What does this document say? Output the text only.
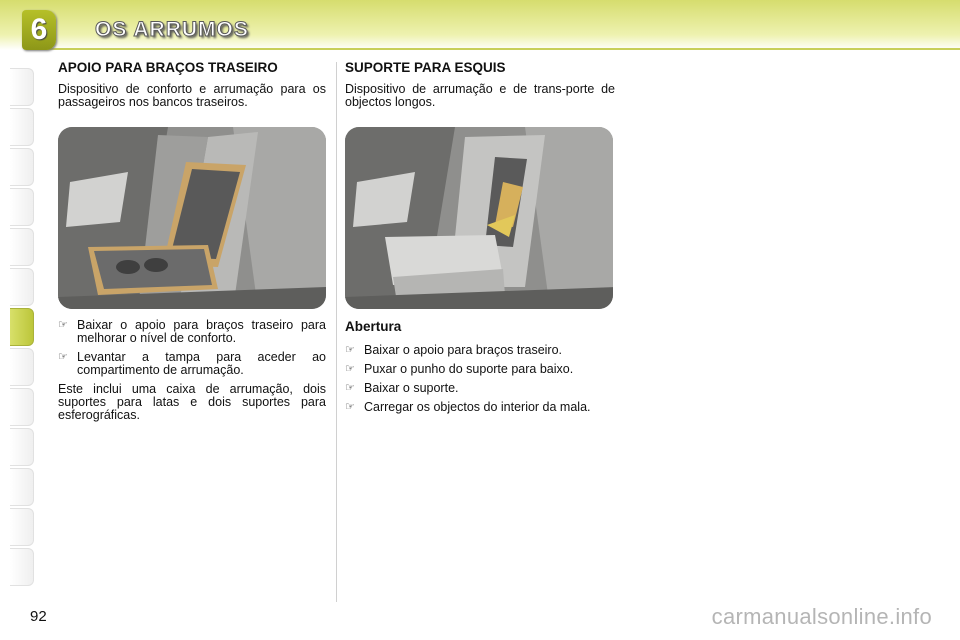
6 OS ARRUMOS
APOIO PARA BRAÇOS TRASEIRO

Dispositivo de conforto e arrumação para os passageiros nos bancos traseiros.

☞ Baixar o apoio para braços traseiro para melhorar o nível de conforto.
☞ Levantar a tampa para aceder ao compartimento de arrumação.

Este inclui uma caixa de arrumação, dois suportes para latas e dois suportes para esferográficas.

SUPORTE PARA ESQUIS

Dispositivo de arrumação e de trans-porte de objectos longos.

Abertura
☞ Baixar o apoio para braços traseiro.
☞ Puxar o punho do suporte para baixo.
☞ Baixar o suporte.
☞ Carregar os objectos do interior da mala.
92	carmanualsonline.info
